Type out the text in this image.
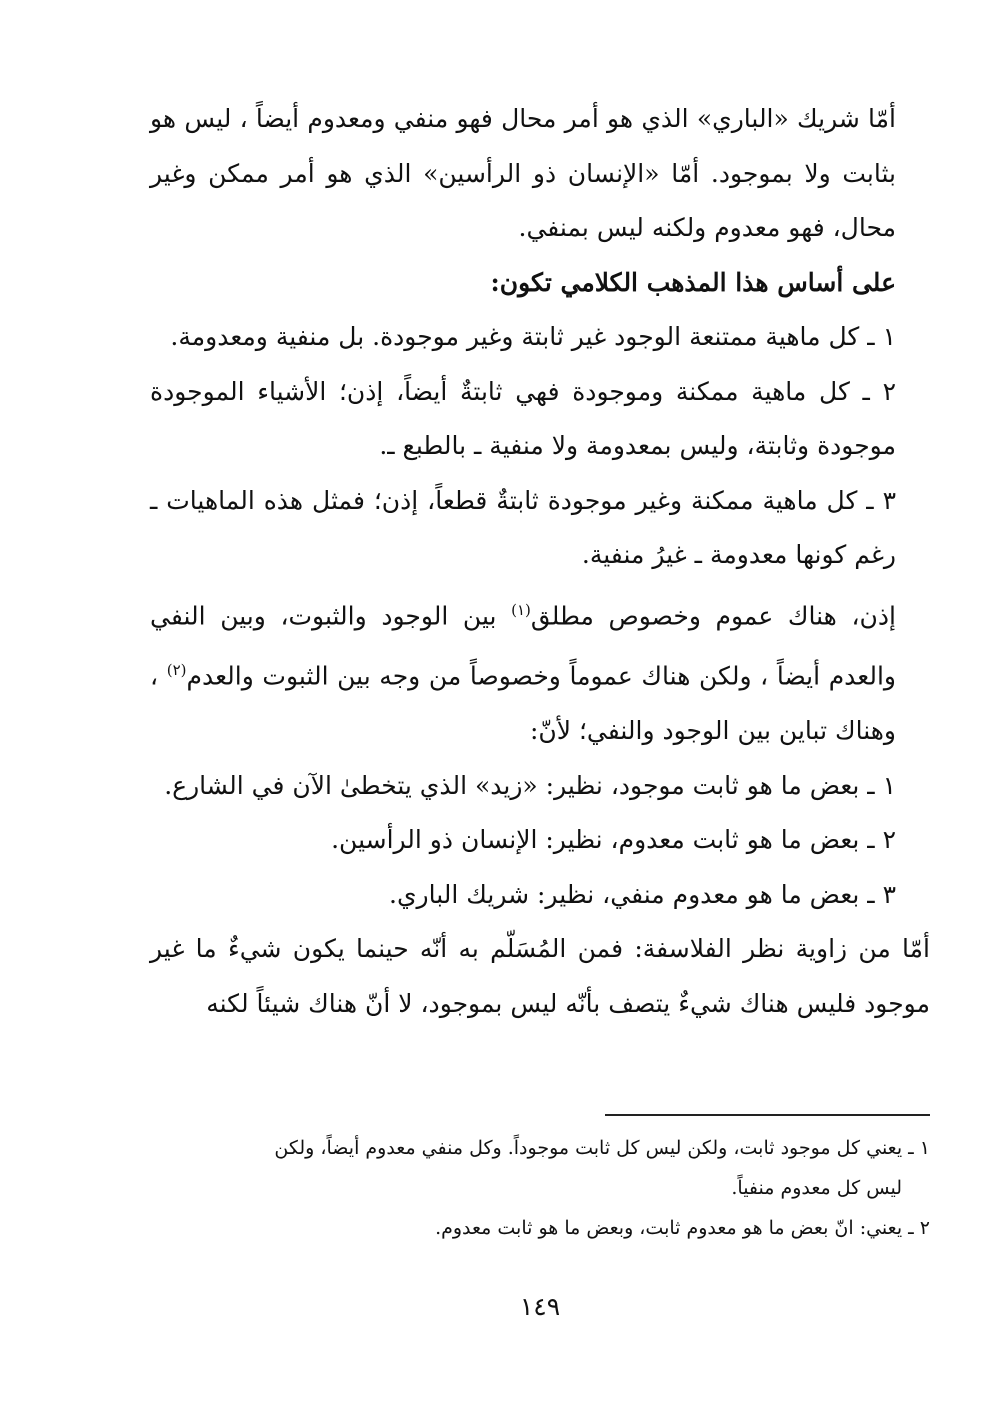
أمّا شريك «الباري» الذي هو أمر محال فهو منفي ومعدوم أيضاً ، ليس هو بثابت ولا بموجود. أمّا «الإنسان ذو الرأسين» الذي هو أمر ممكن وغير محال، فهو معدوم ولكنه ليس بمنفي.

على أساس هذا المذهب الكلامي تكون:

١ ـ كل ماهية ممتنعة الوجود غير ثابتة وغير موجودة. بل منفية ومعدومة.

٢ ـ كل ماهية ممكنة وموجودة فهي ثابتةٌ أيضاً، إذن؛ الأشياء الموجودة موجودة وثابتة، وليس بمعدومة ولا منفية ـ بالطبع ـ.

٣ ـ كل ماهية ممكنة وغير موجودة ثابتةٌ قطعاً، إذن؛ فمثل هذه الماهيات ـ رغم كونها معدومة ـ غيرُ منفية.

إذن، هناك عموم وخصوص مطلق$^{(١)}$ بين الوجود والثبوت، وبين النفي والعدم أيضاً ، ولكن هناك عموماً وخصوصاً من وجه بين الثبوت والعدم$^{(٢)}$ ، وهناك تباين بين الوجود والنفي؛ لأنّ:

١ ـ بعض ما هو ثابت موجود، نظير: «زيد» الذي يتخطىٰ الآن في الشارع.

٢ ـ بعض ما هو ثابت معدوم، نظير: الإنسان ذو الرأسين.

٣ ـ بعض ما هو معدوم منفي، نظير: شريك الباري.

أمّا من زاوية نظر الفلاسفة: فمن المُسَلّم به أنّه حينما يكون شيءٌ ما غير موجود فليس هناك شيءٌ يتصف بأنّه ليس بموجود، لا أنّ هناك شيئاً لكنه

١ ـ يعني كل موجود ثابت، ولكن ليس كل ثابت موجوداً. وكل منفي معدوم أيضاً، ولكن

ليس كل معدوم منفياً.

٢ ـ يعني: انّ بعض ما هو معدوم ثابت، وبعض ما هو ثابت معدوم.

١٤٩
